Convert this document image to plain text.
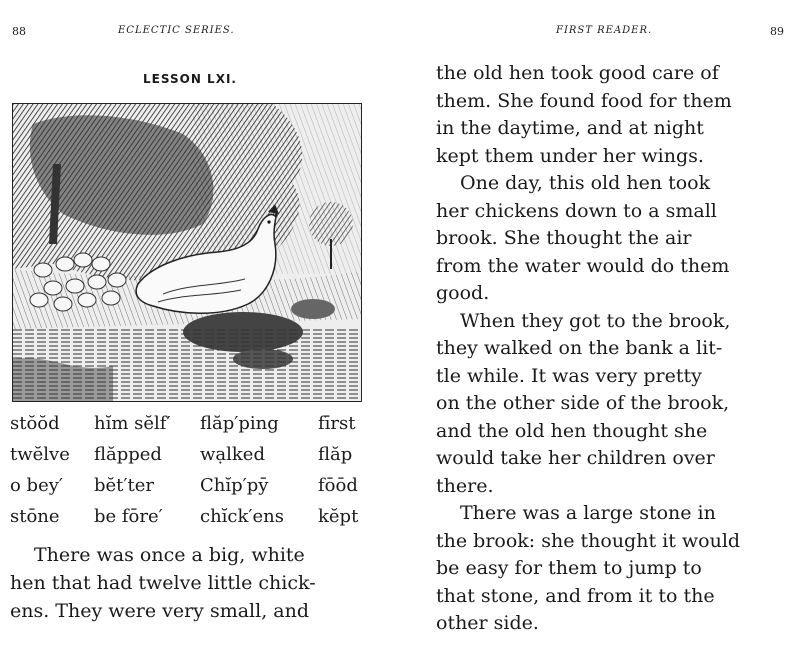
88	ECLECTIC SERIES.
LESSON LXI.
stŏŏd	hĭm sĕlf′	flăp′ping	fīrst
twĕlve	flăpped	wạlked	flăp
o bey′	bĕt′ter	Chĭp′pȳ	fōōd
stōne	be fōre′	chĭck′ens	kĕpt
There was once a big, white
hen that had twelve little chick-
ens. They were very small, and
FIRST READER.	89
the old hen took good care of
them. She found food for them
in the daytime, and at night
kept them under her wings.
One day, this old hen took
her chickens down to a small
brook. She thought the air
from the water would do them
good.
When they got to the brook,
they walked on the bank a lit-
tle while. It was very pretty
on the other side of the brook,
and the old hen thought she
would take her children over
there.
There was a large stone in
the brook: she thought it would
be easy for them to jump to
that stone, and from it to the
other side.
